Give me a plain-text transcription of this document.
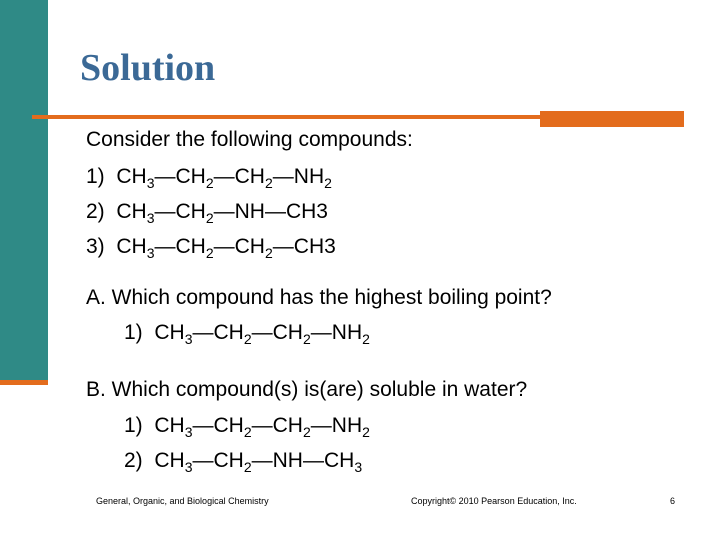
Solution
Consider the following compounds:
1) $CH_3—CH_2—CH_2—NH_2$
2) $CH_3—CH_2—NH—CH3$
3) $CH_3—CH_2—CH_2—CH3$
A. Which compound has the highest boiling point?
1) $CH_3—CH_2—CH_2—NH_2$
B. Which compound(s) is(are) soluble in water?
1) $CH_3—CH_2—CH_2—NH_2$
2) $CH_3—CH_2—NH—CH_3$
General, Organic, and Biological Chemistry	Copyright© 2010 Pearson Education, Inc.	6
